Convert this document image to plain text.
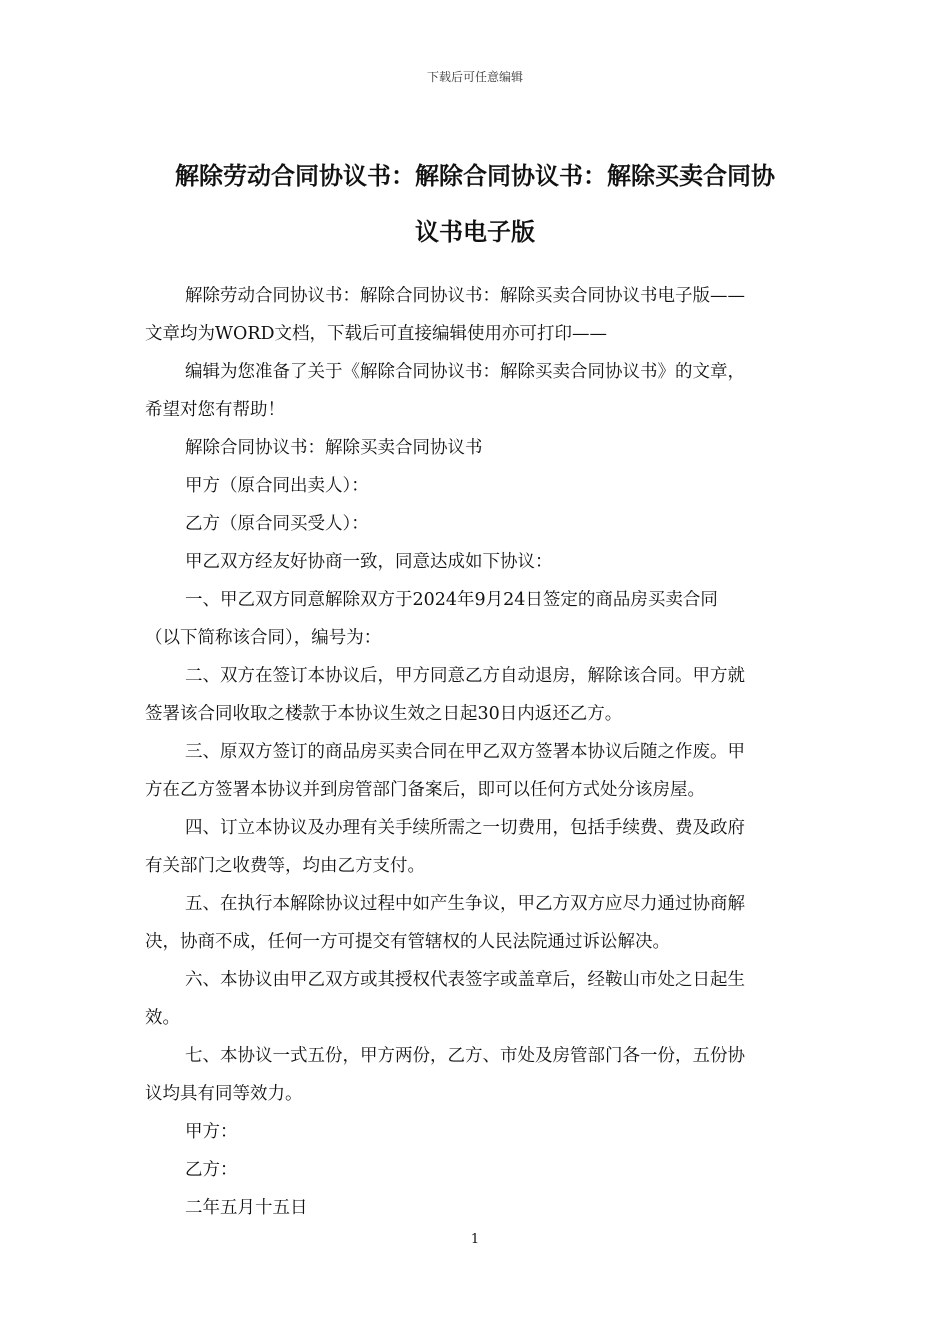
下载后可任意编辑
解除劳动合同协议书：解除合同协议书：解除买卖合同协
议书电子版
解除劳动合同协议书：解除合同协议书：解除买卖合同协议书电子版——
文章均为WORD文档，下载后可直接编辑使用亦可打印——
编辑为您准备了关于《解除合同协议书：解除买卖合同协议书》的文章，
希望对您有帮助！
解除合同协议书：解除买卖合同协议书
甲方（原合同出卖人）：
乙方（原合同买受人）：
甲乙双方经友好协商一致，同意达成如下协议：
一、甲乙双方同意解除双方于2024年9月24日签定的商品房买卖合同
（以下简称该合同），编号为：
二、双方在签订本协议后，甲方同意乙方自动退房，解除该合同。甲方就
签署该合同收取之楼款于本协议生效之日起30日内返还乙方。
三、原双方签订的商品房买卖合同在甲乙双方签署本协议后随之作废。甲
方在乙方签署本协议并到房管部门备案后，即可以任何方式处分该房屋。
四、订立本协议及办理有关手续所需之一切费用，包括手续费、费及政府
有关部门之收费等，均由乙方支付。
五、在执行本解除协议过程中如产生争议，甲乙方双方应尽力通过协商解
决，协商不成，任何一方可提交有管辖权的人民法院通过诉讼解决。
六、本协议由甲乙双方或其授权代表签字或盖章后，经鞍山市处之日起生
效。
七、本协议一式五份，甲方两份，乙方、市处及房管部门各一份，五份协
议均具有同等效力。
甲方：
乙方：
二年五月十五日
1
